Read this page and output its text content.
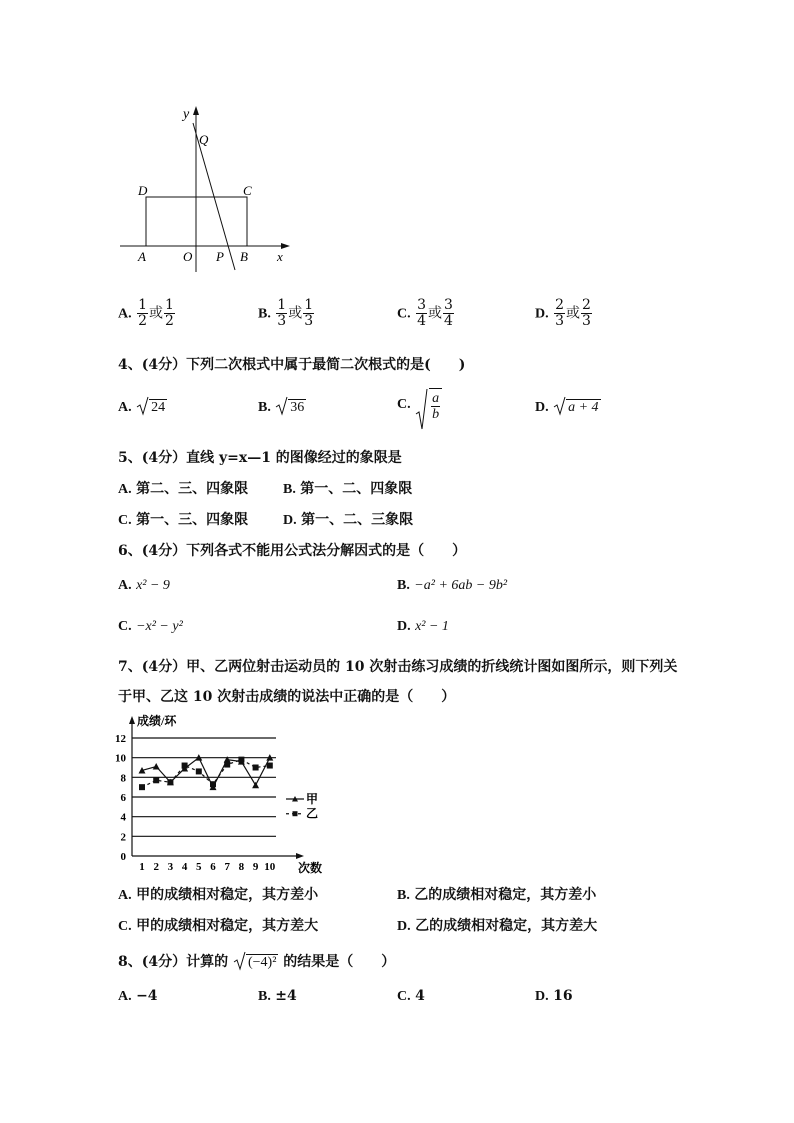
y
x
Q
D	C
A	O P B
A. $\frac{1}{2}$ 或 $\frac{1}{2}$	B. $\frac{1}{3}$ 或 $\frac{1}{3}$	C. $\frac{3}{4}$ 或 $\frac{3}{4}$	D. $\frac{2}{3}$ 或 $\frac{2}{3}$
4、(4分）下列二次根式中属于最简二次根式的是(　　)
A. 24	B. 36	C. $\frac{a}{b}$	D. a + 4
5、(4分）直线 y=x—1 的图像经过的象限是
A. 第二、三、四象限 B. 第一、二、四象限
C. 第一、三、四象限 D. 第一、二、三象限
6、(4分）下列各式不能用公式法分解因式的是（　　）
A. x² − 9	B. −a² + 6ab − 9b²
C. −x² − y²	D. x² − 1
7、(4分）甲、乙两位射击运动员的 10 次射击练习成绩的折线统计图如图所示，则下列关
于甲、乙这 10 次射击成绩的说法中正确的是（　　）
0
2
4
6
8
10
12
成绩/环
次数
1 2 3 4 5 6 7 8 9 10
甲
乙
A. 甲的成绩相对稳定，其方差小	B. 乙的成绩相对稳定，其方差小
C. 甲的成绩相对稳定，其方差大	D. 乙的成绩相对稳定，其方差大
8、(4分）计算的 (−4)² 的结果是（　　）
A. −4	B. ±4	C. 4	D. 16
